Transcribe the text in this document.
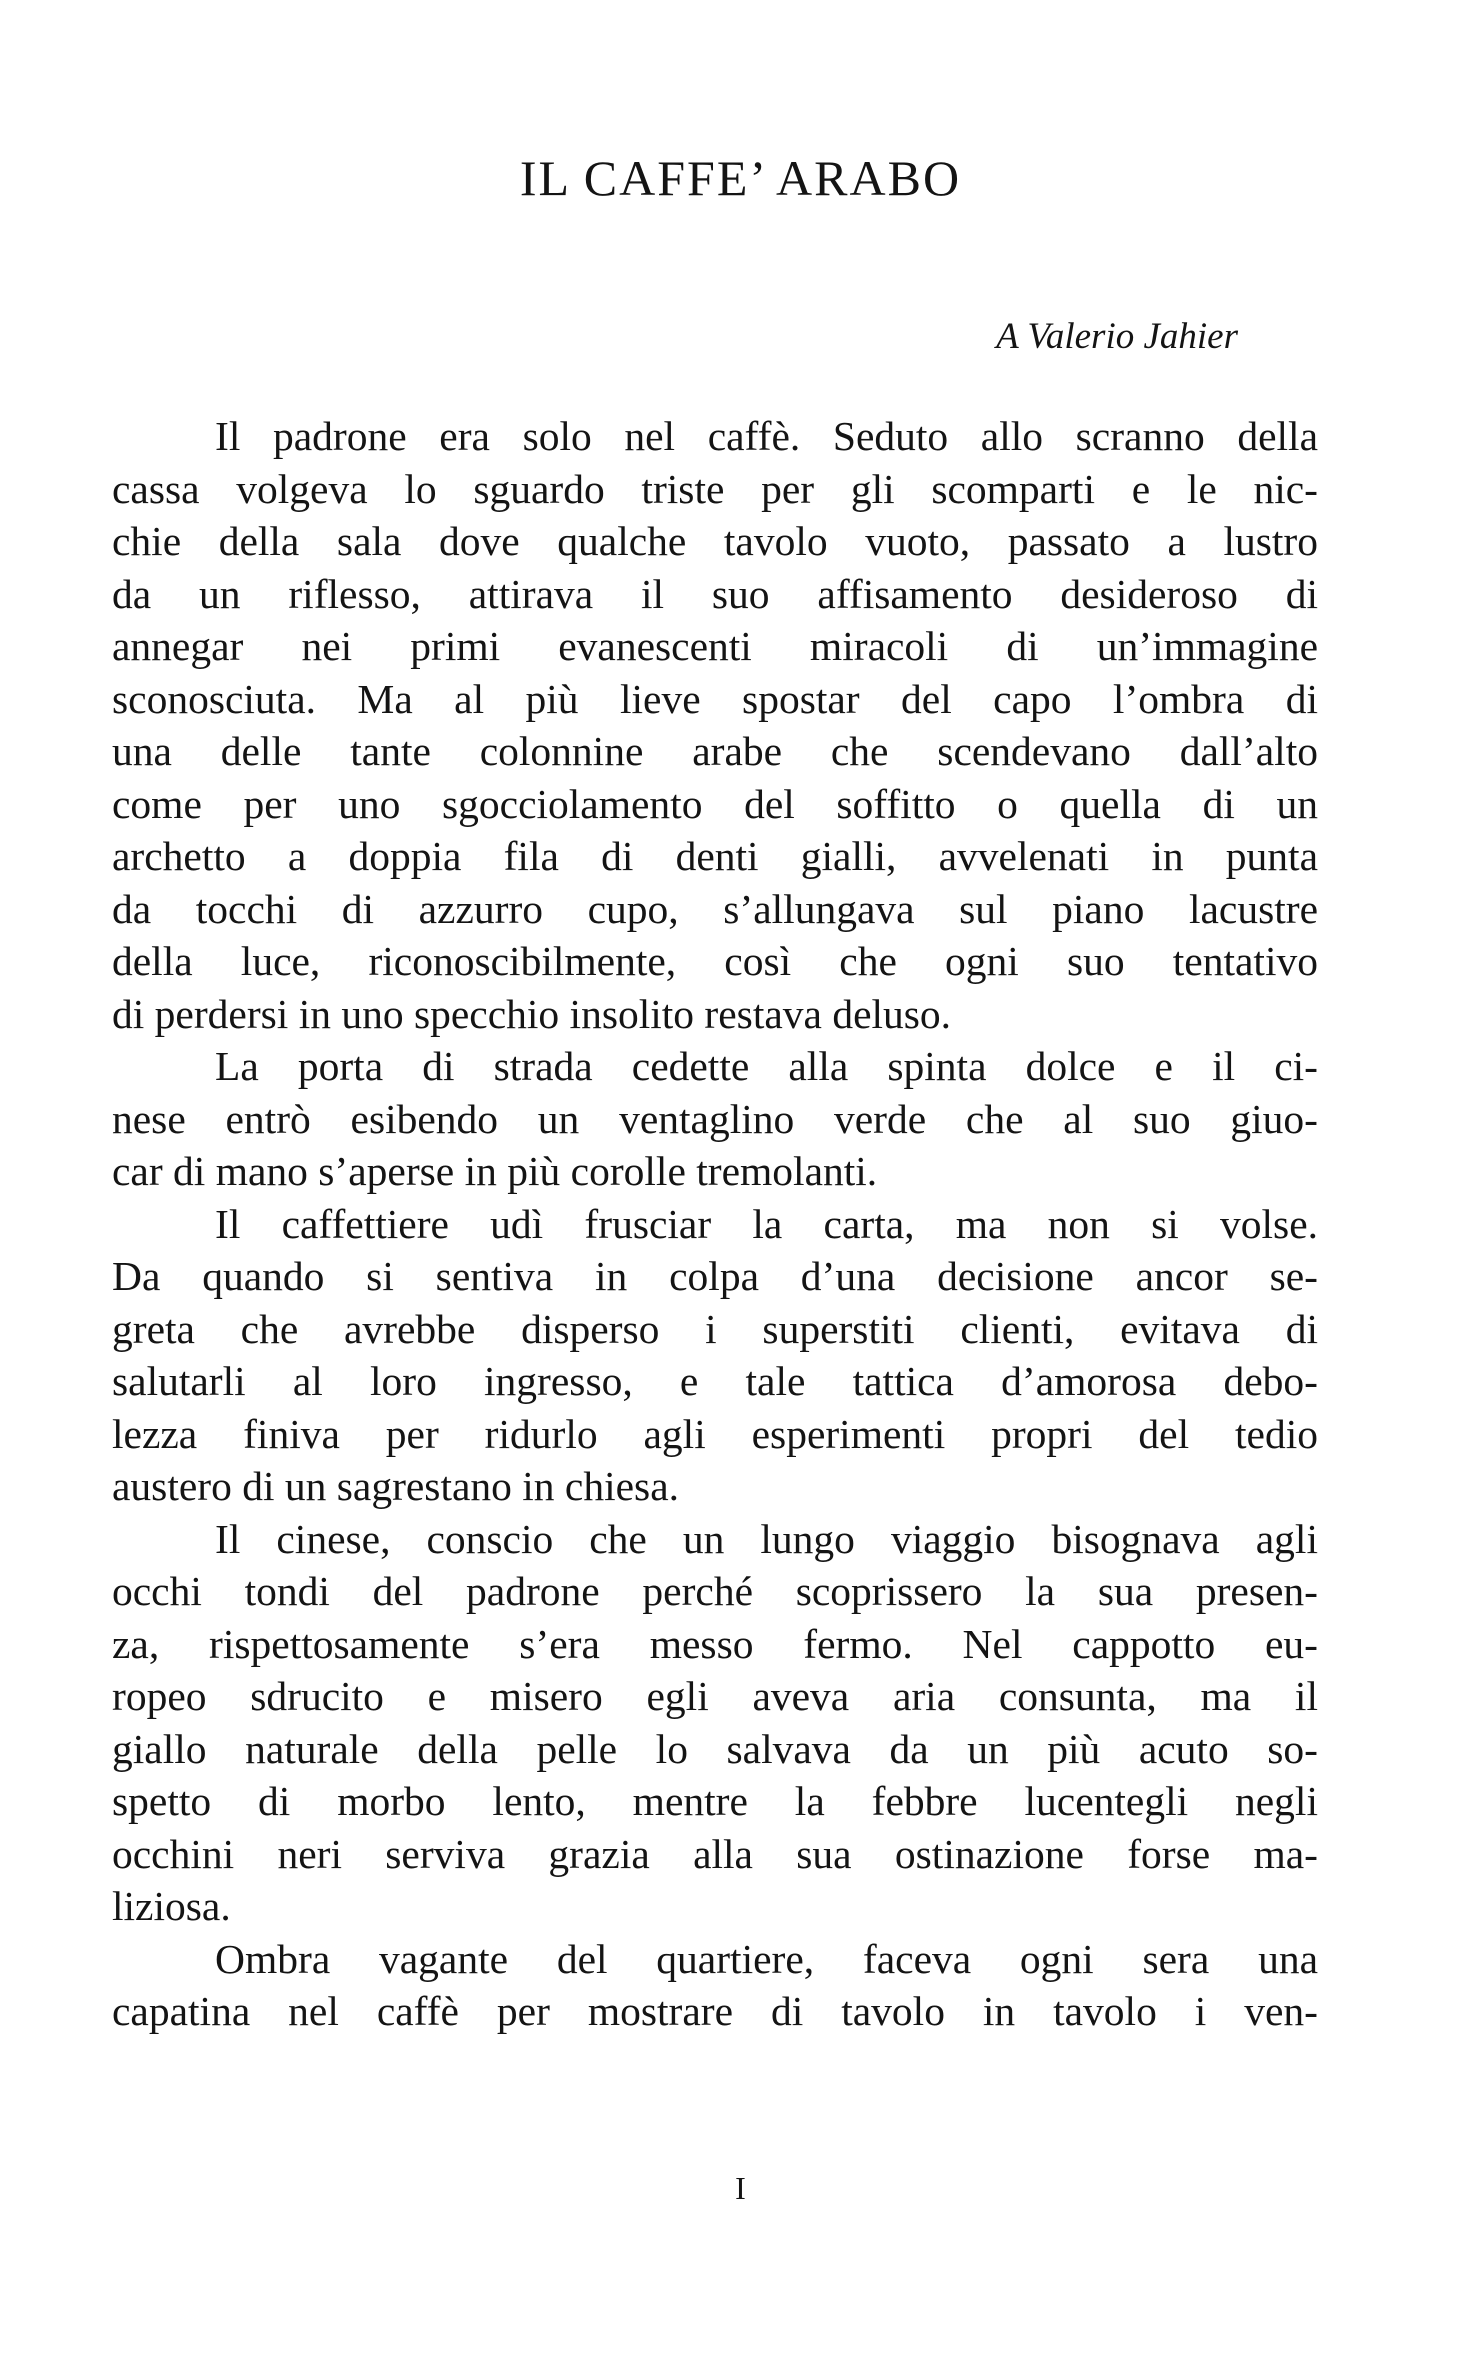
IL CAFFE’ ARABO
A Valerio Jahier
Il padrone era solo nel caffè. Seduto allo scranno della
cassa volgeva lo sguardo triste per gli scomparti e le nic-
chie della sala dove qualche tavolo vuoto, passato a lustro
da un riflesso, attirava il suo affisamento desideroso di
annegar nei primi evanescenti miracoli di un’immagine
sconosciuta. Ma al più lieve spostar del capo l’ombra di
una delle tante colonnine arabe che scendevano dall’alto
come per uno sgocciolamento del soffitto o quella di un
archetto a doppia fila di denti gialli, avvelenati in punta
da tocchi di azzurro cupo, s’allungava sul piano lacustre
della luce, riconoscibilmente, così che ogni suo tentativo
di perdersi in uno specchio insolito restava deluso.
La porta di strada cedette alla spinta dolce e il ci-
nese entrò esibendo un ventaglino verde che al suo giuo-
car di mano s’aperse in più corolle tremolanti.
Il caffettiere udì frusciar la carta, ma non si volse.
Da quando si sentiva in colpa d’una decisione ancor se-
greta che avrebbe disperso i superstiti clienti, evitava di
salutarli al loro ingresso, e tale tattica d’amorosa debo-
lezza finiva per ridurlo agli esperimenti propri del tedio
austero di un sagrestano in chiesa.
Il cinese, conscio che un lungo viaggio bisognava agli
occhi tondi del padrone perché scoprissero la sua presen-
za, rispettosamente s’era messo fermo. Nel cappotto eu-
ropeo sdrucito e misero egli aveva aria consunta, ma il
giallo naturale della pelle lo salvava da un più acuto so-
spetto di morbo lento, mentre la febbre lucentegli negli
occhini neri serviva grazia alla sua ostinazione forse ma-
liziosa.
Ombra vagante del quartiere, faceva ogni sera una
capatina nel caffè per mostrare di tavolo in tavolo i ven-
I
